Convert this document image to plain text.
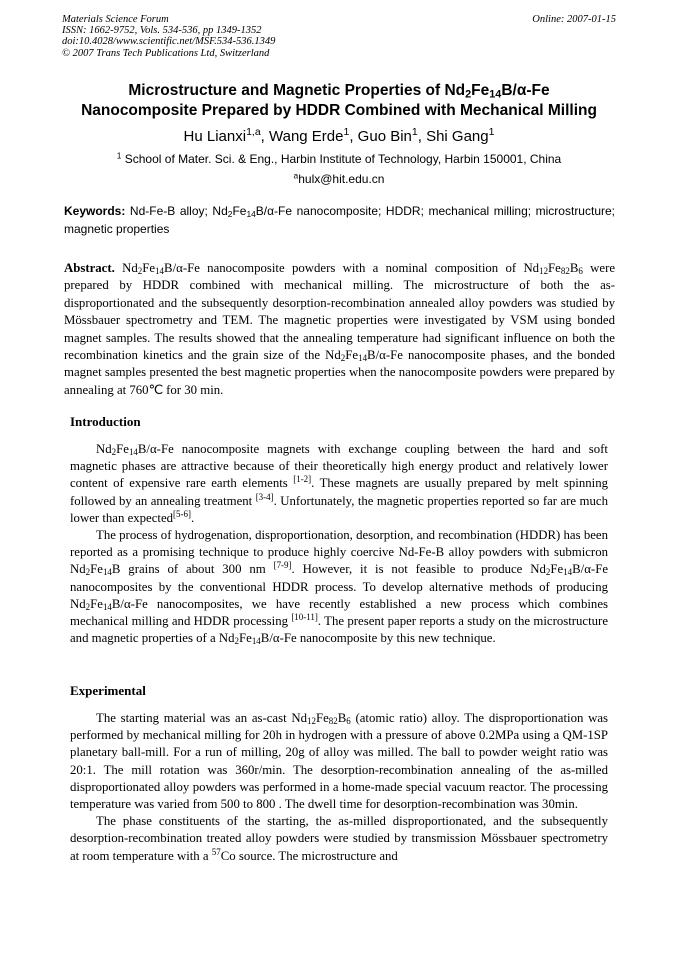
Materials Science Forum
ISSN: 1662-9752, Vols. 534-536, pp 1349-1352
doi:10.4028/www.scientific.net/MSF.534-536.1349
© 2007 Trans Tech Publications Ltd, Switzerland
Online: 2007-01-15
Microstructure and Magnetic Properties of $Nd_2Fe_{14}B/\alpha-Fe$
Nanocomposite Prepared by HDDR Combined with Mechanical Milling
Hu Lianxi$^{1,a}$, Wang Erde$^1$, Guo Bin$^1$, Shi Gang$^1$
$^1$ School of Mater. Sci. & Eng., Harbin Institute of Technology, Harbin 150001, China
$^a$hulx@hit.edu.cn
Keywords: Nd-Fe-B alloy; $Nd_2Fe_{14}B/\alpha-Fe$ nanocomposite; HDDR; mechanical milling; microstructure; magnetic properties
Abstract. $Nd_2Fe_{14}B/\alpha-Fe$ nanocomposite powders with a nominal composition of $Nd_{12}Fe_{82}B_6$ were prepared by HDDR combined with mechanical milling. The microstructure of both the as-disproportionated and the subsequently desorption-recombination annealed alloy powders was studied by Mössbauer spectrometry and TEM. The magnetic properties were investigated by VSM using bonded magnet samples. The results showed that the annealing temperature had significant influence on both the recombination kinetics and the grain size of the $Nd_2Fe_{14}B/\alpha-Fe$ nanocomposite phases, and the bonded magnet samples presented the best magnetic properties when the nanocomposite powders were prepared by annealing at 760℃ for 30 min.
Introduction

$Nd_2Fe_{14}B/\alpha-Fe$ nanocomposite magnets with exchange coupling between the hard and soft magnetic phases are attractive because of their theoretically high energy product and relatively lower content of expensive rare earth elements [1-2]. These magnets are usually prepared by melt spinning followed by an annealing treatment [3-4]. Unfortunately, the magnetic properties reported so far are much lower than expected[5-6].

The process of hydrogenation, disproportionation, desorption, and recombination (HDDR) has been reported as a promising technique to produce highly coercive Nd-Fe-B alloy powders with submicron $Nd_2Fe_{14}B$ grains of about 300 nm [7-9]. However, it is not feasible to produce $Nd_2Fe_{14}B/\alpha-Fe$ nanocomposites by the conventional HDDR process. To develop alternative methods of producing $Nd_2Fe_{14}B/\alpha-Fe$ nanocomposites, we have recently established a new process which combines mechanical milling and HDDR processing [10-11]. The present paper reports a study on the microstructure and magnetic properties of a $Nd_2Fe_{14}B/\alpha-Fe$ nanocomposite by this new technique.

Experimental

The starting material was an as-cast $Nd_{12}Fe_{82}B_6$ (atomic ratio) alloy. The disproportionation was performed by mechanical milling for 20h in hydrogen with a pressure of above 0.2MPa using a QM-1SP planetary ball-mill. For a run of milling, 20g of alloy was milled. The ball to powder weight ratio was 20:1. The mill rotation was 360r/min. The desorption-recombination annealing of the as-milled disproportionated alloy powders was performed in a home-made special vacuum reactor. The processing temperature was varied from 500 to 800 . The dwell time for desorption-recombination was 30min.

The phase constituents of the starting, the as-milled disproportionated, and the subsequently desorption-recombination treated alloy powders were studied by transmission Mössbauer spectrometry at room temperature with a $^{57}$Co source. The microstructure and
